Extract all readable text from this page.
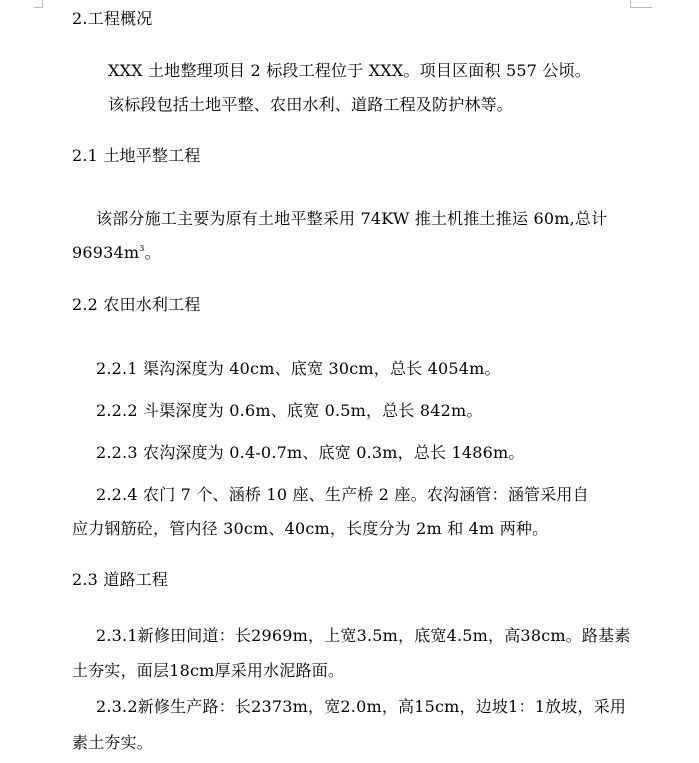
2.工程概况
XXX 土地整理项目 2 标段工程位于 XXX。项目区面积 557 公顷。
该标段包括土地平整、农田水利、道路工程及防护林等。
2.1 土地平整工程
该部分施工主要为原有土地平整采用 74KW 推土机推土推运 60m,总计
$96934m^3$。
2.2 农田水利工程
2.2.1 渠沟深度为 40cm、底宽 30cm，总长 4054m。
2.2.2 斗渠深度为 0.6m、底宽 0.5m，总长 842m。
2.2.3 农沟深度为 0.4-0.7m、底宽 0.3m，总长 1486m。
2.2.4 农门 7 个、涵桥 10 座、生产桥 2 座。农沟涵管：涵管采用自
应力钢筋砼，管内径 30cm、40cm，长度分为 2m 和 4m 两种。
2.3 道路工程
2.3.1新修田间道：长2969m，上宽3.5m，底宽4.5m，高38cm。路基素
土夯实，面层18cm厚采用水泥路面。
2.3.2新修生产路：长2373m，宽2.0m，高15cm，边坡1：1放坡，采用
素土夯实。
